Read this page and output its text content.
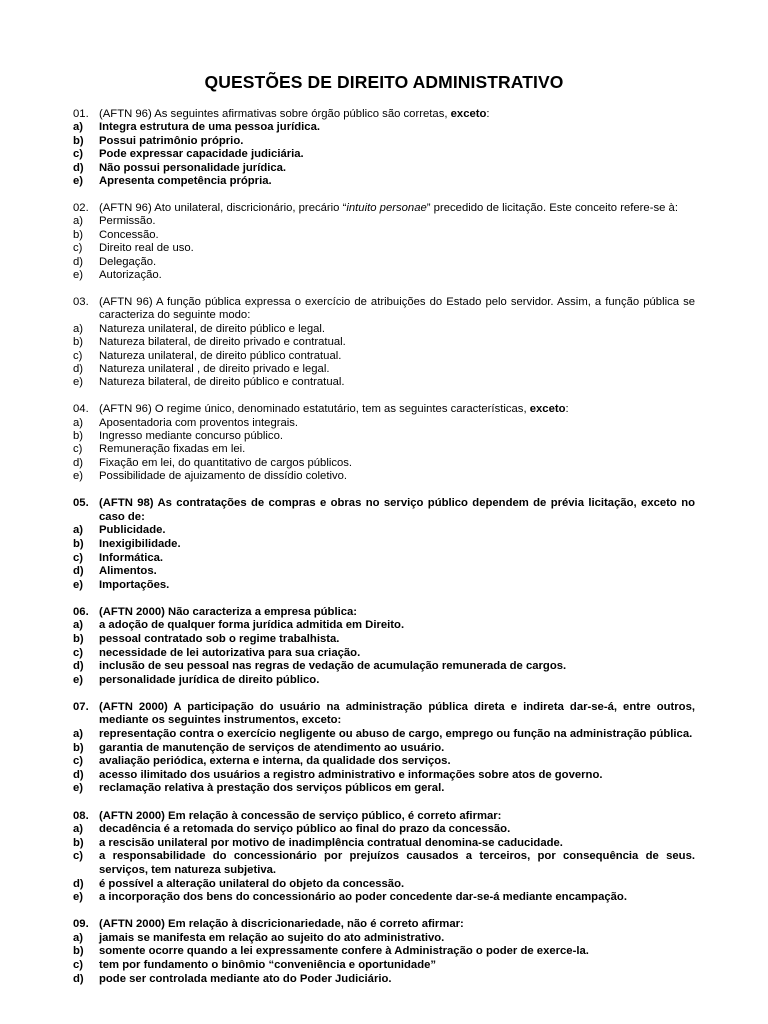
QUESTÕES DE DIREITO ADMINISTRATIVO
01. (AFTN 96) As seguintes afirmativas sobre órgão público são corretas, exceto:
a)	Integra estrutura de uma pessoa jurídica.
b)	Possui patrimônio próprio.
c)	Pode expressar capacidade judiciária.
d)	Não possui personalidade jurídica.
e)	Apresenta competência própria.
02. (AFTN 96) Ato unilateral, discricionário, precário “intuito personae” precedido de licitação. Este conceito refere-se à:
a)	Permissão.
b)	Concessão.
c)	Direito real de uso.
d)	Delegação.
e)	Autorização.
03. (AFTN 96) A função pública expressa o exercício de atribuições do Estado pelo servidor. Assim, a função pública se caracteriza do seguinte modo:
a)	Natureza unilateral, de direito público e legal.
b)	Natureza bilateral, de direito privado e contratual.
c)	Natureza unilateral, de direito público contratual.
d)	Natureza unilateral , de direito privado e legal.
e)	Natureza bilateral, de direito público e contratual.
04. (AFTN 96) O regime único, denominado estatutário, tem as seguintes características, exceto:
a)	Aposentadoria com proventos integrais.
b)	Ingresso mediante concurso público.
c)	Remuneração fixadas em lei.
d)	Fixação em lei, do quantitativo de cargos públicos.
e)	Possibilidade de ajuizamento de dissídio coletivo.
05. (AFTN 98) As contratações de compras e obras no serviço público dependem de prévia licitação, exceto no caso de:
a)	Publicidade.
b)	Inexigibilidade.
c)	Informática.
d)	Alimentos.
e)	Importações.
06. (AFTN 2000) Não caracteriza a empresa pública:
a)	a adoção de qualquer forma jurídica admitida em Direito.
b)	pessoal contratado sob o regime trabalhista.
c)	necessidade de lei autorizativa para sua criação.
d)	inclusão de seu pessoal nas regras de vedação de acumulação remunerada de cargos.
e)	personalidade jurídica de direito público.
07. (AFTN 2000) A participação do usuário na administração pública direta e indireta dar-se-á, entre outros, mediante os seguintes instrumentos, exceto:
a)	representação contra o exercício negligente ou abuso de cargo, emprego ou função na administração pública.
b)	garantia de manutenção de serviços de atendimento ao usuário.
c)	avaliação periódica, externa e interna, da qualidade dos serviços.
d)	acesso ilimitado dos usuários a registro administrativo e informações sobre atos de governo.
e)	reclamação relativa à prestação dos serviços públicos em geral.
08. (AFTN 2000) Em relação à concessão de serviço público, é correto afirmar:
a)	decadência é a retomada do serviço público ao final do prazo da concessão.
b)	a rescisão unilateral por motivo de inadimplência contratual denomina-se caducidade.
c)	a responsabilidade do concessionário por prejuízos causados a terceiros, por consequência de seus. serviços, tem natureza subjetiva.
d)	é possível a alteração unilateral do objeto da concessão.
e)	a incorporação dos bens do concessionário ao poder concedente dar-se-á mediante encampação.
09. (AFTN 2000) Em relação à discricionariedade, não é correto afirmar:
a)	jamais se manifesta em relação ao sujeito do ato administrativo.
b)	somente ocorre quando a lei expressamente confere à Administração o poder de exerce-la.
c)	tem por fundamento o binômio “conveniência e oportunidade”
d)	pode ser controlada mediante ato do Poder Judiciário.
